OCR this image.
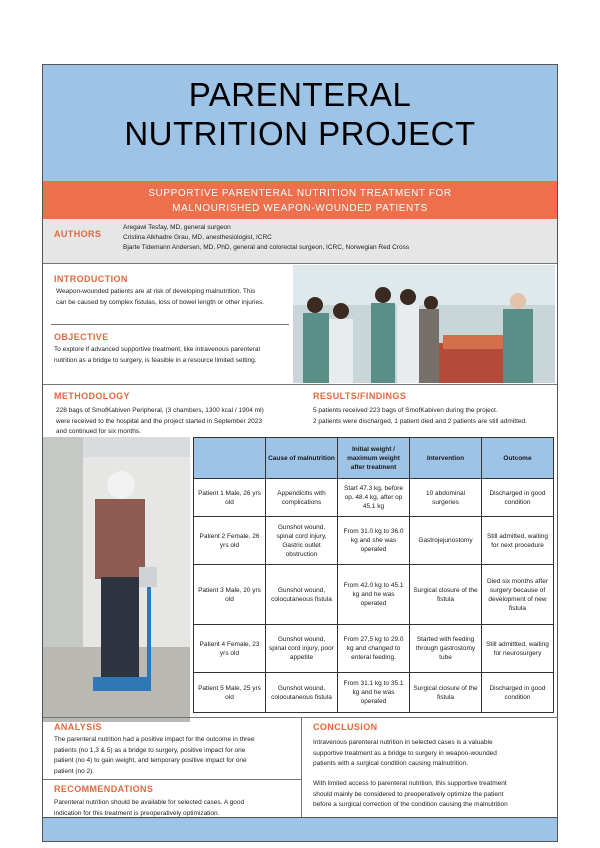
PARENTERAL
NUTRITION PROJECT
SUPPORTIVE PARENTERAL NUTRITION TREATMENT FOR
MALNOURISHED WEAPON-WOUNDED PATIENTS
AUTHORS
Aregawi Tesfay, MD, general surgeon
Cristina Alkhadre Grau, MD, anesthesiologist, ICRC
Bjarte Tidemann Andersen, MD, PhD, general and colorectal surgeon, ICRC, Norwegian Red Cross
INTRODUCTION
Weapon-wounded patients are at risk of developing malnutrition. This
can be caused by complex fistulas, loss of bowel length or other injuries.
OBJECTIVE
To explore if advanced supportive treatment, like intravenous parenteral
nutrition as a bridge to surgery, is feasible in a resource limited setting.
METHODOLOGY
228 bags of SmofKabiven Peripheral, (3 chambers, 1300 kcal / 1904 ml)
were received to the hospital and the project started in September 2023
and continued for six months.
RESULTS/FINDINGS
5 patients received 223 bags of SmofKabiven during the project.
2 patients were discharged, 1 patient died and 2 patients are still admitted.
	Cause of malnutrition	Initial weight / maximum weight after treatment	Intervention	Outcome
Patient 1 Male, 26 yrs old	Appendicitis with complications	Start 47.3 kg, before op. 48.4 kg, after op 45.1 kg	10 abdominal surgeries	Discharged in good condition
Patient 2 Female, 26 yrs old	Gunshot wound, spinal cord injury, Gastric outlet obstruction	From 31.0 kg to 36.0 kg and she was operated	Gastrojejunostomy	Still admitted, waiting for next procedure
Patient 3 Male, 20 yrs old	Gunshot wound, colocutaneous fistula	From 42.0 kg to 45.1 kg and he was operated	Surgical closure of the fistula	Died six months after surgery because of development of new fistula
Patient 4 Female, 23 yrs old	Gunshot wound, spinal cord injury, poor appetite	From 27,5 kg to 29.0 kg and changed to enteral feeding.	Started with feeding through gastrostomy tube	Still admittted, waiting for neurosurgery
Patient 5 Male, 25 yrs old	Gunshot wound, colocutaneous fistula	From 31.1 kg to 35.1 kg and he was operated	Surgical closure of the fistula	Discharged in good condition
ANALYSIS
The parenteral nutrition had a positive impact for the outcome in three
patients (no 1,3 & 5) as a bridge to surgery, positive impact for one
patient (no 4) to gain weight, and temporary positive impact for one
patient (no 2).
RECOMMENDATIONS
Parenteral nutrition should be available for selected cases. A good
indication for this treatment is preoperatively optimization.
CONCLUSION
Intravenous parenteral nutrition in selected cases is a valuable
supportive treatment as a bridge to surgery in weapon-wounded
patients with a surgical condition causing malnutrition.
With limited access to parenteral nutrition, this supportive treatment
should mainly be considered to preoperatively optimize the patient
before a surgical correction of the condition causing the malnutrition
